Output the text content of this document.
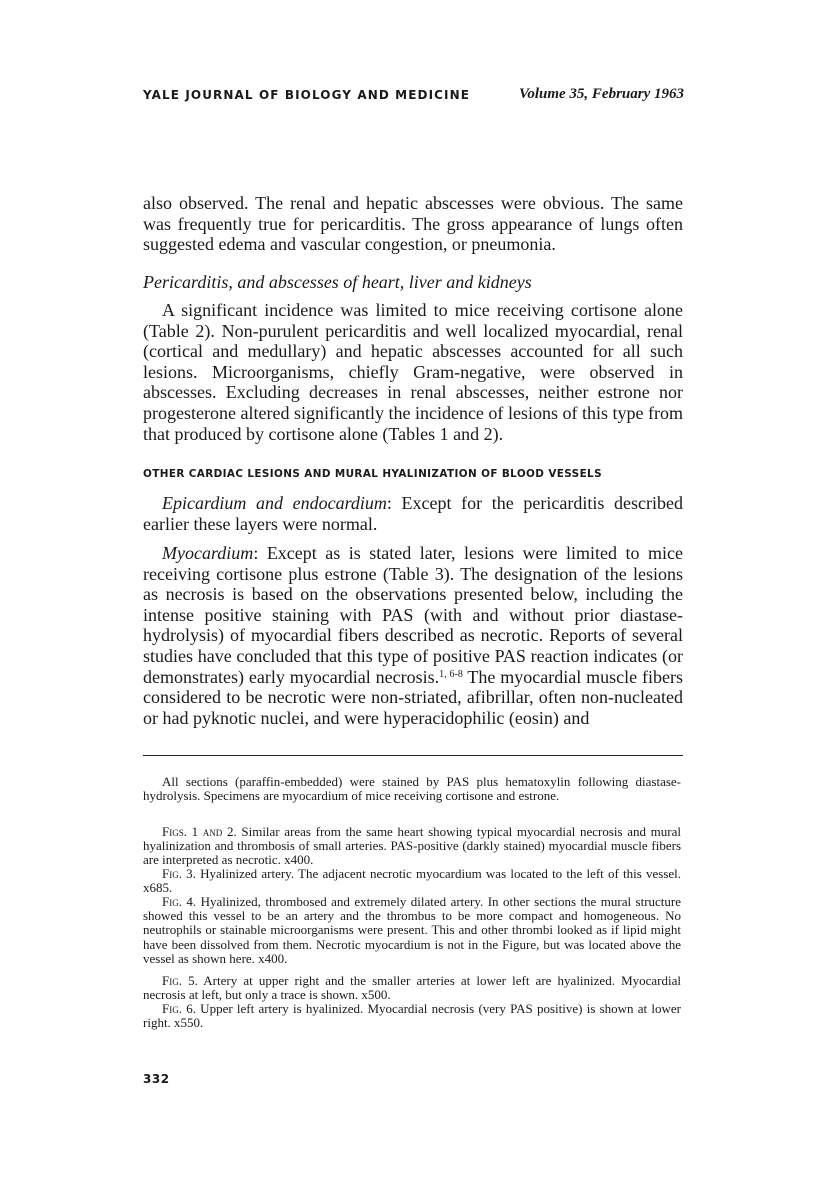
YALE JOURNAL OF BIOLOGY AND MEDICINE	Volume 35, February 1963

also observed. The renal and hepatic abscesses were obvious. The same was frequently true for pericarditis. The gross appearance of lungs often suggested edema and vascular congestion, or pneumonia.

Pericarditis, and abscesses of heart, liver and kidneys

A significant incidence was limited to mice receiving cortisone alone (Table 2). Non-purulent pericarditis and well localized myocardial, renal (cortical and medullary) and hepatic abscesses accounted for all such lesions. Microorganisms, chiefly Gram-negative, were observed in abscesses. Excluding decreases in renal abscesses, neither estrone nor progesterone altered significantly the incidence of lesions of this type from that produced by cortisone alone (Tables 1 and 2).

OTHER CARDIAC LESIONS AND MURAL HYALINIZATION OF BLOOD VESSELS

Epicardium and endocardium: Except for the pericarditis described earlier these layers were normal.

Myocardium: Except as is stated later, lesions were limited to mice receiving cortisone plus estrone (Table 3). The designation of the lesions as necrosis is based on the observations presented below, including the intense positive staining with PAS (with and without prior diastase-hydrolysis) of myocardial fibers described as necrotic. Reports of several studies have concluded that this type of positive PAS reaction indicates (or demonstrates) early myocardial necrosis.$^{1, 6-8}$ The myocardial muscle fibers considered to be necrotic were non-striated, afibrillar, often non-nucleated or had pyknotic nuclei, and were hyperacidophilic (eosin) and

All sections (paraffin-embedded) were stained by PAS plus hematoxylin following diastase-hydrolysis. Specimens are myocardium of mice receiving cortisone and estrone.

Figs. 1 and 2. Similar areas from the same heart showing typical myocardial necrosis and mural hyalinization and thrombosis of small arteries. PAS-positive (darkly stained) myocardial muscle fibers are interpreted as necrotic. x400.

Fig. 3. Hyalinized artery. The adjacent necrotic myocardium was located to the left of this vessel. x685.

Fig. 4. Hyalinized, thrombosed and extremely dilated artery. In other sections the mural structure showed this vessel to be an artery and the thrombus to be more compact and homogeneous. No neutrophils or stainable microorganisms were present. This and other thrombi looked as if lipid might have been dissolved from them. Necrotic myocardium is not in the Figure, but was located above the vessel as shown here. x400.

Fig. 5. Artery at upper right and the smaller arteries at lower left are hyalinized. Myocardial necrosis at left, but only a trace is shown. x500.

Fig. 6. Upper left artery is hyalinized. Myocardial necrosis (very PAS positive) is shown at lower right. x550.

332
